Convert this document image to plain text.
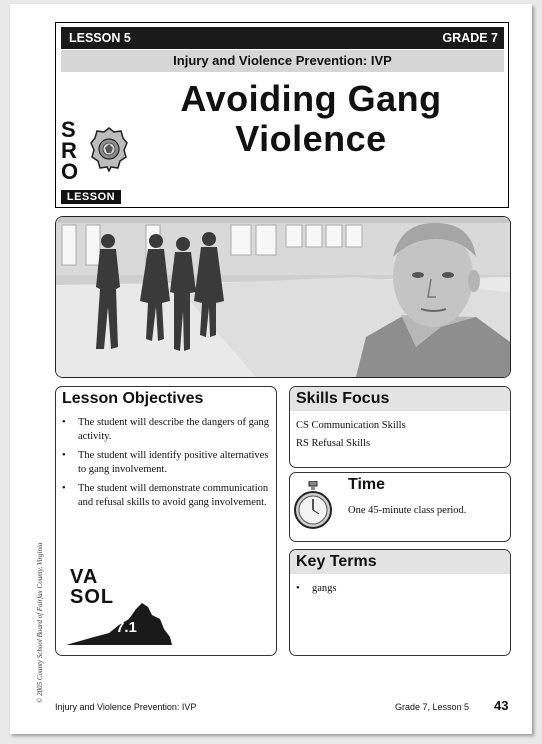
LESSON 5	GRADE 7
Injury and Violence Prevention: IVP
S
R
O
LESSON
Avoiding Gang
Violence
Lesson Objectives
• The student will describe the dangers of gang activity.
• The student will identify positive alternatives to gang involvement.
• The student will demonstrate communication and refusal skills to avoid gang involvement.
VA
SOL
7.1
Skills Focus
CS Communication Skills
RS Refusal Skills
Time
One 45-minute class period.
Key Terms
• gangs
© 2005 County School Board of Fairfax County, Virginia
Injury and Violence Prevention: IVP	Grade 7, Lesson 5 43
